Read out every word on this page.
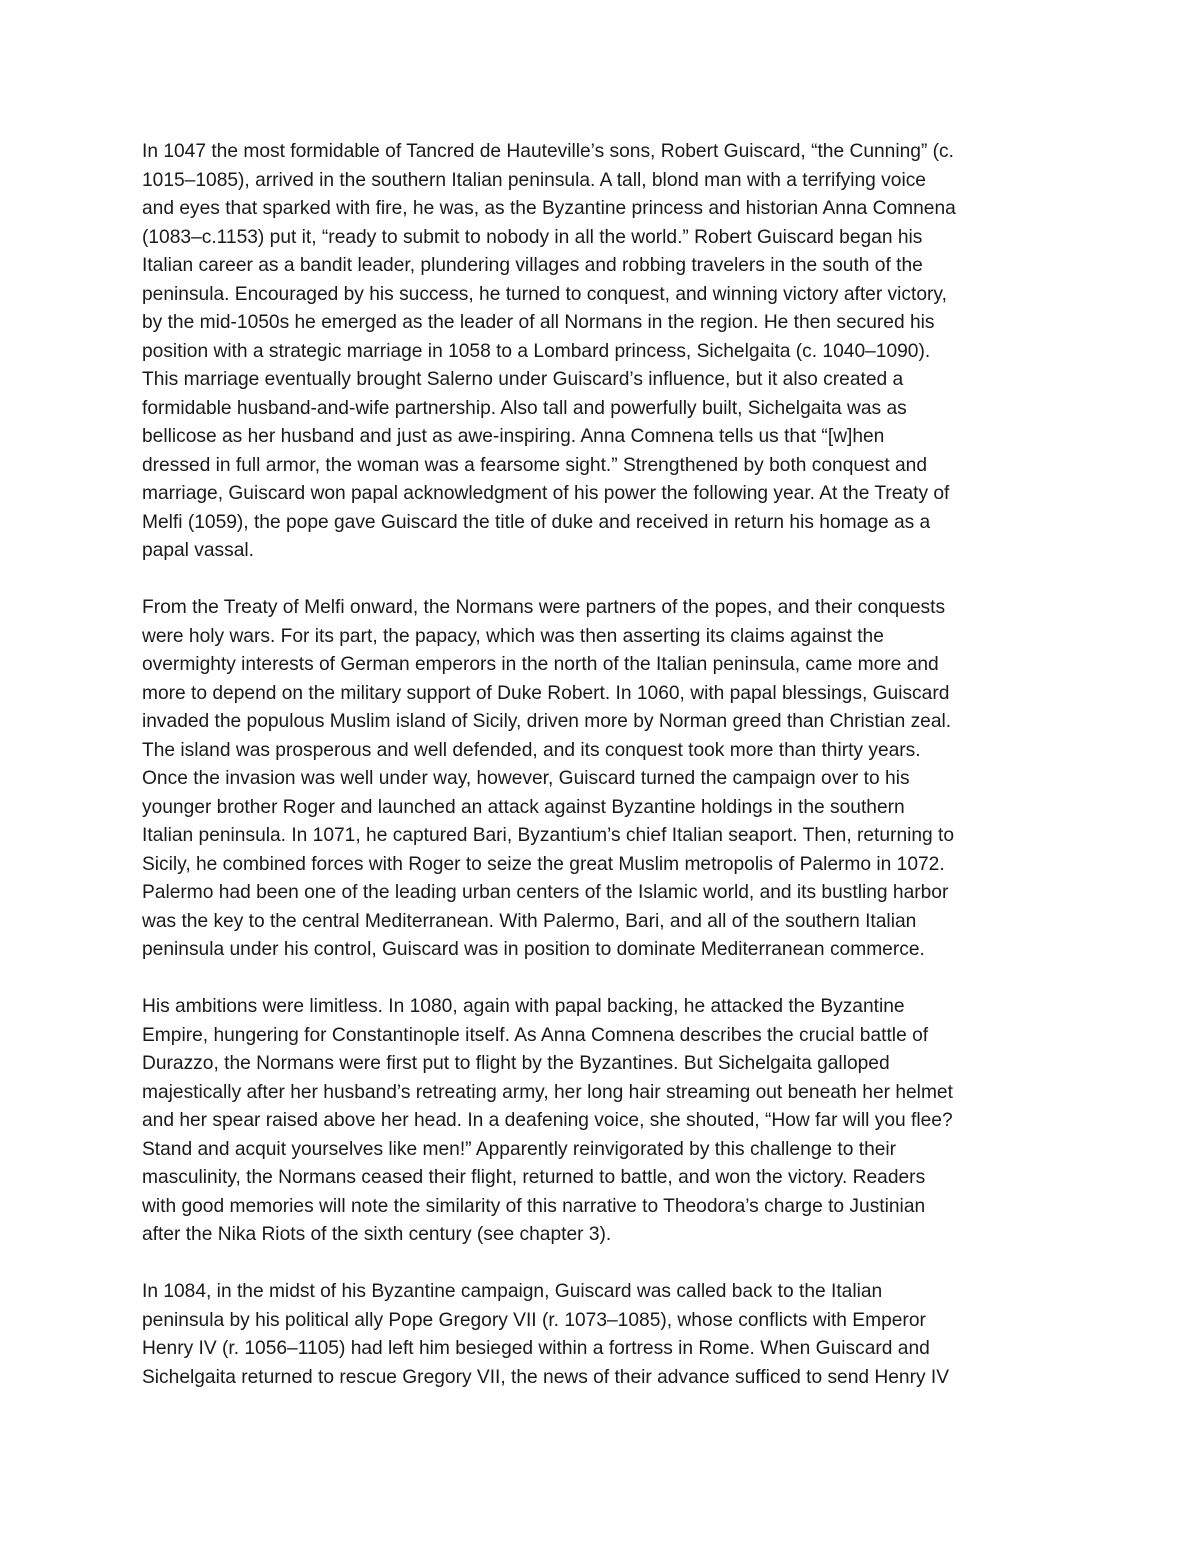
In 1047 the most formidable of Tancred de Hauteville’s sons, Robert Guiscard, “the Cunning” (c.
1015–1085), arrived in the southern Italian peninsula. A tall, blond man with a terrifying voice
and eyes that sparked with fire, he was, as the Byzantine princess and historian Anna Comnena
(1083–c.1153) put it, “ready to submit to nobody in all the world.” Robert Guiscard began his
Italian career as a bandit leader, plundering villages and robbing travelers in the south of the
peninsula. Encouraged by his success, he turned to conquest, and winning victory after victory,
by the mid-1050s he emerged as the leader of all Normans in the region. He then secured his
position with a strategic marriage in 1058 to a Lombard princess, Sichelgaita (c. 1040–1090).
This marriage eventually brought Salerno under Guiscard’s influence, but it also created a
formidable husband-and-wife partnership. Also tall and powerfully built, Sichelgaita was as
bellicose as her husband and just as awe-inspiring. Anna Comnena tells us that “[w]hen
dressed in full armor, the woman was a fearsome sight.” Strengthened by both conquest and
marriage, Guiscard won papal acknowledgment of his power the following year. At the Treaty of
Melfi (1059), the pope gave Guiscard the title of duke and received in return his homage as a
papal vassal.
From the Treaty of Melfi onward, the Normans were partners of the popes, and their conquests
were holy wars. For its part, the papacy, which was then asserting its claims against the
overmighty interests of German emperors in the north of the Italian peninsula, came more and
more to depend on the military support of Duke Robert. In 1060, with papal blessings, Guiscard
invaded the populous Muslim island of Sicily, driven more by Norman greed than Christian zeal.
The island was prosperous and well defended, and its conquest took more than thirty years.
Once the invasion was well under way, however, Guiscard turned the campaign over to his
younger brother Roger and launched an attack against Byzantine holdings in the southern
Italian peninsula. In 1071, he captured Bari, Byzantium’s chief Italian seaport. Then, returning to
Sicily, he combined forces with Roger to seize the great Muslim metropolis of Palermo in 1072.
Palermo had been one of the leading urban centers of the Islamic world, and its bustling harbor
was the key to the central Mediterranean. With Palermo, Bari, and all of the southern Italian
peninsula under his control, Guiscard was in position to dominate Mediterranean commerce.
His ambitions were limitless. In 1080, again with papal backing, he attacked the Byzantine
Empire, hungering for Constantinople itself. As Anna Comnena describes the crucial battle of
Durazzo, the Normans were first put to flight by the Byzantines. But Sichelgaita galloped
majestically after her husband’s retreating army, her long hair streaming out beneath her helmet
and her spear raised above her head. In a deafening voice, she shouted, “How far will you flee?
Stand and acquit yourselves like men!” Apparently reinvigorated by this challenge to their
masculinity, the Normans ceased their flight, returned to battle, and won the victory. Readers
with good memories will note the similarity of this narrative to Theodora’s charge to Justinian
after the Nika Riots of the sixth century (see chapter 3).
In 1084, in the midst of his Byzantine campaign, Guiscard was called back to the Italian
peninsula by his political ally Pope Gregory VII (r. 1073–1085), whose conflicts with Emperor
Henry IV (r. 1056–1105) had left him besieged within a fortress in Rome. When Guiscard and
Sichelgaita returned to rescue Gregory VII, the news of their advance sufficed to send Henry IV
